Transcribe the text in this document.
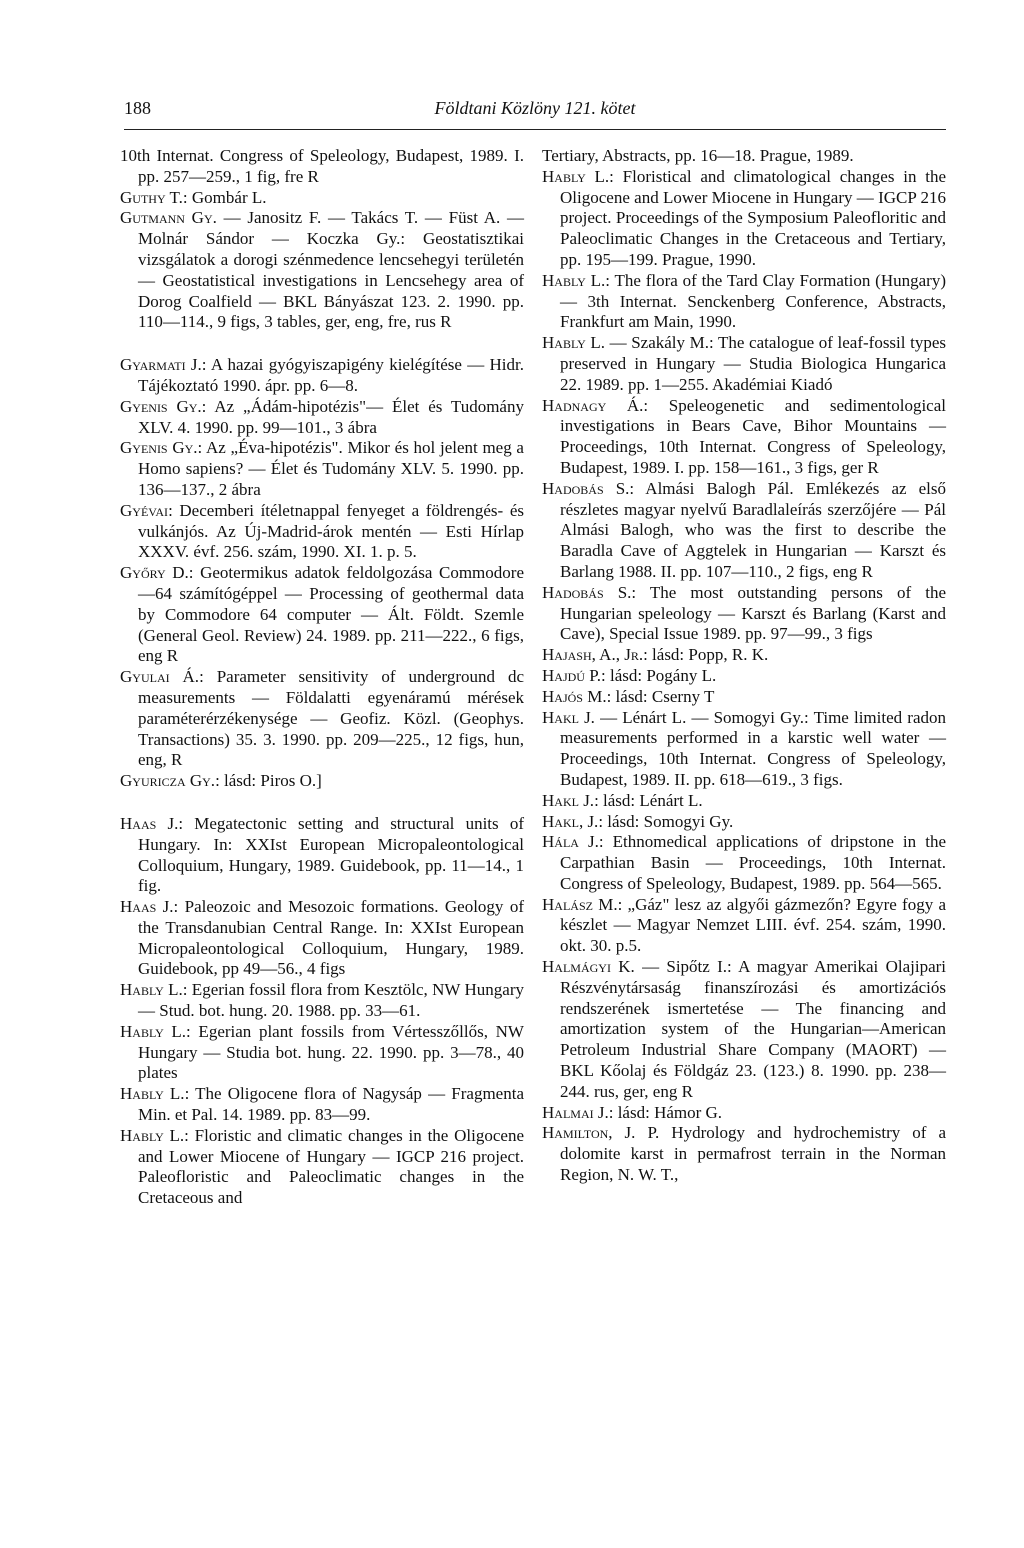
188	Földtani Közlöny 121. kötet

10th Internat. Congress of Speleology, Budapest, 1989. I. pp. 257—259., 1 fig, fre R

Guthy T.: Gombár L.

Gutmann Gy. — Janositz F. — Takács T. — Füst A. — Molnár Sándor — Koczka Gy.: Geostatisztikai vizsgálatok a dorogi szénmedence lencsehegyi területén — Geostatistical investigations in Lencsehegy area of Dorog Coalfield — BKL Bányászat 123. 2. 1990. pp. 110—114., 9 figs, 3 tables, ger, eng, fre, rus R

Gyarmati J.: A hazai gyógyiszapigény kielégítése — Hidr. Tájékoztató 1990. ápr. pp. 6—8.

Gyenis Gy.: Az „Ádám-hipotézis"— Élet és Tudomány XLV. 4. 1990. pp. 99—101., 3 ábra

Gyenis Gy.: Az „Éva-hipotézis". Mikor és hol jelent meg a Homo sapiens? — Élet és Tudomány XLV. 5. 1990. pp. 136—137., 2 ábra

Gyévai: Decemberi ítéletnappal fenyeget a földrengés- és vulkánjós. Az Új-Madrid-árok mentén — Esti Hírlap XXXV. évf. 256. szám, 1990. XI. 1. p. 5.

Győry D.: Geotermikus adatok feldolgozása Commodore—64 számítógéppel — Processing of geothermal data by Commodore 64 computer — Ált. Földt. Szemle (General Geol. Review) 24. 1989. pp. 211—222., 6 figs, eng R

Gyulai Á.: Parameter sensitivity of underground dc measurements — Földalatti egyenáramú mérések paraméterérzékenysége — Geofiz. Közl. (Geophys. Transactions) 35. 3. 1990. pp. 209—225., 12 figs, hun, eng, R

Gyuricza Gy.: lásd: Piros O.]

Haas J.: Megatectonic setting and structural units of Hungary. In: XXIst European Micropaleontological Colloquium, Hungary, 1989. Guidebook, pp. 11—14., 1 fig.

Haas J.: Paleozoic and Mesozoic formations. Geology of the Transdanubian Central Range. In: XXIst European Micropaleontological Colloquium, Hungary, 1989. Guidebook, pp 49—56., 4 figs

Hably L.: Egerian fossil flora from Kesztölc, NW Hungary — Stud. bot. hung. 20. 1988. pp. 33—61.

Hably L.: Egerian plant fossils from Vértesszőllős, NW Hungary — Studia bot. hung. 22. 1990. pp. 3—78., 40 plates

Hably L.: The Oligocene flora of Nagysáp — Fragmenta Min. et Pal. 14. 1989. pp. 83—99.

Hably L.: Floristic and climatic changes in the Oligocene and Lower Miocene of Hungary — IGCP 216 project. Paleofloristic and Paleoclimatic changes in the Cretaceous and

Tertiary, Abstracts, pp. 16—18. Prague, 1989.

Hably L.: Floristical and climatological changes in the Oligocene and Lower Miocene in Hungary — IGCP 216 project. Proceedings of the Symposium Paleofloritic and Paleoclimatic Changes in the Cretaceous and Tertiary, pp. 195—199. Prague, 1990.

Hably L.: The flora of the Tard Clay Formation (Hungary) — 3th Internat. Senckenberg Conference, Abstracts, Frankfurt am Main, 1990.

Hably L. — Szakály M.: The catalogue of leaf-fossil types preserved in Hungary — Studia Biologica Hungarica 22. 1989. pp. 1—255. Akadémiai Kiadó

Hadnagy Á.: Speleogenetic and sedimentological investigations in Bears Cave, Bihor Mountains — Proceedings, 10th Internat. Congress of Speleology, Budapest, 1989. I. pp. 158—161., 3 figs, ger R

Hadobás S.: Almási Balogh Pál. Emlékezés az első részletes magyar nyelvű Baradlaleírás szerzőjére — Pál Almási Balogh, who was the first to describe the Baradla Cave of Aggtelek in Hungarian — Karszt és Barlang 1988. II. pp. 107—110., 2 figs, eng R

Hadobás S.: The most outstanding persons of the Hungarian speleology — Karszt és Barlang (Karst and Cave), Special Issue 1989. pp. 97—99., 3 figs

Hajash, A., Jr.: lásd: Popp, R. K.

Hajdú P.: lásd: Pogány L.

Hajós M.: lásd: Cserny T

Hakl J. — Lénárt L. — Somogyi Gy.: Time limited radon measurements performed in a karstic well water — Proceedings, 10th Internat. Congress of Speleology, Budapest, 1989. II. pp. 618—619., 3 figs.

Hakl J.: lásd: Lénárt L.

Hakl, J.: lásd: Somogyi Gy.

Hála J.: Ethnomedical applications of dripstone in the Carpathian Basin — Proceedings, 10th Internat. Congress of Speleology, Budapest, 1989. pp. 564—565.

Halász M.: „Gáz" lesz az algyői gázmezőn? Egyre fogy a készlet — Magyar Nemzet LIII. évf. 254. szám, 1990. okt. 30. p.5.

Halmágyi K. — Sipőtz I.: A magyar Amerikai Olajipari Részvénytársaság finanszírozási és amortizációs rendszerének ismertetése — The financing and amortization system of the Hungarian—American Petroleum Industrial Share Company (MAORT) — BKL Kőolaj és Földgáz 23. (123.) 8. 1990. pp. 238—244. rus, ger, eng R

Halmai J.: lásd: Hámor G.

Hamilton, J. P. Hydrology and hydrochemistry of a dolomite karst in permafrost terrain in the Norman Region, N. W. T.,
